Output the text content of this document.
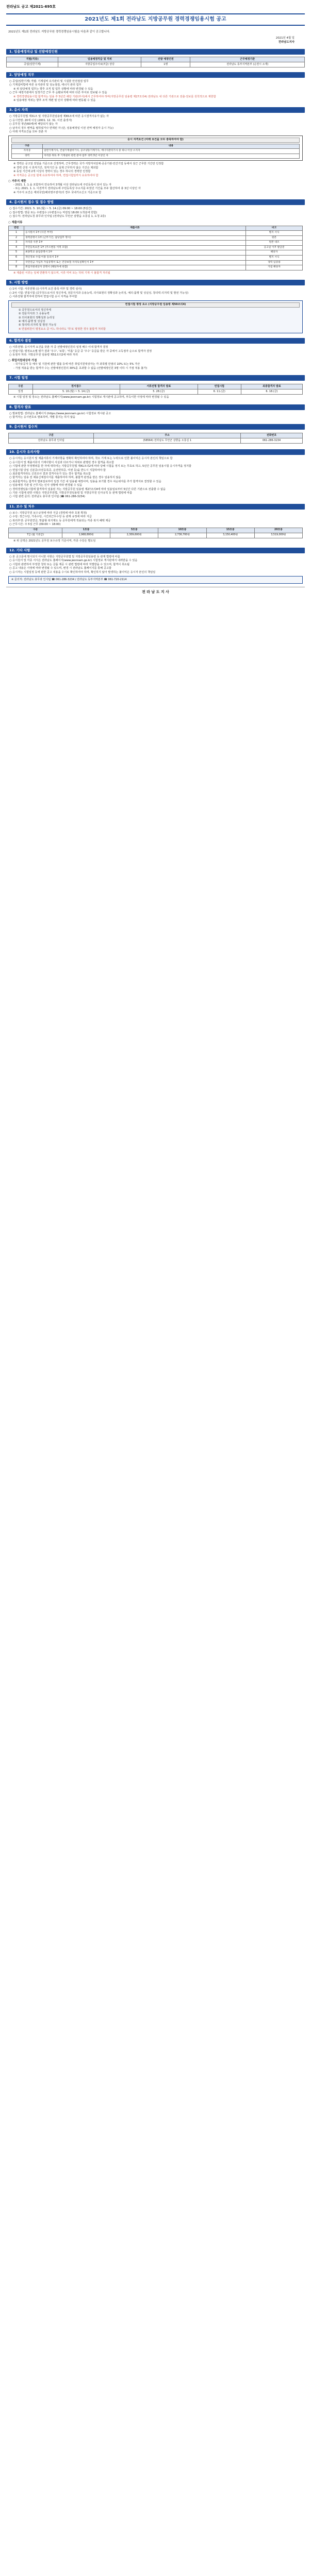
전라남도 공고 제2021-695호
2021년도 제1회 전라남도 지방공무원 경력경쟁임용시험 공고
2021년도 제1회 전라남도 지방공무원 경력경쟁임용시험을 다음과 같이 공고합니다.
2021년 4월 일
전라남도지사
1. 임용예정직급 및 선발예정인원
직렬(직류)	임용예정직급 및 직위	선발 예정인원	근무예정기관
공업(일반기계)	지방공업주사보(7급) 상당	1명	전라남도 동부지역본부 (순천시 소재)
2. 담당예정 직무
○ 공업(일반기계) 직렬: 기계설비 유지관리 및 시설물 안전점검 업무
○ 기계설비법에 따른 유지관리 및 성능점검, 에너지 관리 업무
※ 위 담당예정 업무는 향후 조직 및 업무 상황에 따라 변경될 수 있음
○ 근무 예정기관에서 일정기간 근무 후 순환보직에 따라 다른 부서로 전보될 수 있음
※ 경력경쟁임용시험 합격자는 임용 후 5년간 해당 기관(부서)에서 근무하여야 하며(지방공무원 임용령 제27조의4) 전라남도 내 다른 기관으로 전출·전보를 원칙적으로 제한함
※ 임용예정 직위는 향후 조직 개편 및 인사 상황에 따라 변동될 수 있음
3. 응시 자격
○ 지방공무원법 제31조 및 지방공무원임용령 제65조에 따른 응시결격사유가 없는 자
○ 응시연령: 20세 이상 (2001. 12. 31. 이전 출생자)
○ 공무원 정년(60세)에 해당되지 않는 자
○ 남자의 경우 병역을 필하였거나 면제된 자 (단, 임용예정일 이전 전역 예정자 응시 가능)
○ 아래 자격요건을 모두 갖춘 자
응시 자격요건 (아래 요건을 모두 충족하여야 함)
구분	내용
자격증	일반기계기사, 건설기계설비기사, 공조냉동기계기사, 에너지관리기사 중 하나 이상 소지자
경력	자격증 취득 후 기계설비 관련 분야 업무 경력 3년 이상인 자
※ 경력은 공고일 전일을 기준으로 산정하며, 근무경력은 국가·지방자치단체·공공기관·민간기업 등에서 상근 근무한 기간만 인정함
※ 경력 산정 시 휴직기간, 정직기간 등 실제 근무하지 않은 기간은 제외함
※ 동일 기간에 2개 이상의 경력이 있는 경우 하나의 경력만 인정함
※ 자격증은 공고일 현재 유효하여야 하며, 면접시험일까지 유효하여야 함
○ 거주지 제한
- 2021. 1. 1.을 포함하여 연속하여 3개월 이상 전라남도에 주민등록이 되어 있는 자
- 또는 2021. 1. 1. 이전까지 전라남도에 주민등록상 주소지를 두었던 기간을 모두 합산하여 총 3년 이상인 자
※ 거주지 요건은 재외국민(해외영주권자)의 경우 국내거소신고 기준으로 함
4. 응시원서 접수 및 접수 방법
○ 접수기간: 2021. 5. 10.(월) ~ 5. 14.(금) 09:00 ~ 18:00 (5일간)
○ 접수방법: 방문 또는 우편접수 (우편접수는 마감일 18:00 도착분에 한함)
○ 접수처: 전라남도청 총무과 인사팀 (전라남도 무안군 삼향읍 오룡길 1, 도청 2층)
○ 제출서류
연번	제출서류	비고
1	응시원서 1부 (사진 부착)	별지 서식
2	경력증명서 1부 (근무기간, 담당업무 명시)	원본
3	자격증 사본 1부	원본 대조
4	주민등록초본 1부 (주소변동 이력 포함)	공고일 이후 발급분
5	최종학교 졸업증명서 1부	해당자
6	개인정보 수집·이용 동의서 1부	별지 서식
7	국민연금 가입자 가입증명서 또는 건강보험 자격득실확인서 1부	경력 입증용
8	취업지원대상자 증명서 (해당자에 한함)	가점 해당자
※ 제출된 서류는 일체 반환하지 않으며, 서류 미비 또는 허위 기재 시 불합격 처리됨
5. 시험 방법
○ 1차 시험: 서류전형 (응시자격 요건 충족 여부 및 경력 심사)
○ 2차 시험: 면접시험 (공무원으로서의 정신자세, 전문지식과 응용능력, 의사표현의 정확성과 논리성, 예의·품행 및 성실성, 창의력·의지력 및 발전 가능성)
○ 서류전형 합격자에 한하여 면접시험 응시 자격을 부여함
면접시험 평정 요소 (지방공무원 임용령 제50조의4)
① 공무원으로서의 정신자세
② 전문지식과 그 응용능력
③ 의사표현의 정확성과 논리성
④ 예의·품행 및 성실성
⑤ 창의력·의지력 및 발전 가능성
※ 면접위원이 평정요소 중 어느 하나라도 '하'로 평정한 경우 불합격 처리함
6. 합격자 결정
○ 서류전형: 응시자격 요건을 갖춘 자 중 선발예정인원의 일정 배수 이내 합격자 결정
○ 면접시험: 평정요소별 평가 결과 '우수', '보통', '미흡' 등급 중 '우수' 등급을 받은 자 중에서 고득점자 순으로 합격자 결정
○ 동점자 처리: 지방공무원 임용령 제51조의2에 따라 처리
○ 취업지원대상자 가점
- 국가유공자 등 예우 및 지원에 관한 법률 등에 따른 취업지원대상자는 각 과목별 만점의 10% 또는 5% 가산
- 가점 적용을 받는 합격자 수는 선발예정인원의 30%를 초과할 수 없음 (선발예정인원 3명 이하 시 가점 적용 불가)
7. 시험 일정
구분	원서접수	서류전형 합격자 발표	면접시험	최종합격자 발표
일정	5. 10.(월) ~ 5. 14.(금)	5. 28.(금)	6. 11.(금)	6. 18.(금)
※ 시험 일정 및 장소는 전라남도 홈페이지(www.jeonnam.go.kr) 시험정보 게시판에 공고하며, 부득이한 사정에 따라 변경될 수 있음
8. 합격자 발표
○ 발표방법: 전라남도 홈페이지 (https://www.jeonnam.go.kr) 시험정보 게시판 공고
○ 합격자는 응시번호로 발표하며, 개별 통지는 하지 않음
9. 응시원서 접수처
구분	주소	전화번호
전라남도 총무과 인사팀	(58564) 전라남도 무안군 삼향읍 오룡길 1	061-286-3234
10. 응시자 유의사항
○ 응시자는 응시원서 및 제출서류의 기재사항을 정확히 확인하여야 하며, 착오 기재 또는 누락으로 인한 불이익은 응시자 본인의 책임으로 함
○ 응시원서 및 제출서류의 기재사항이 사실과 다르거나 허위로 판명된 경우 합격을 취소함
○ 시험에 관한 부정행위를 한 자에 대하여는 지방공무원법 제41조의2에 따라 당해 시험을 정지 또는 무효로 하고, 5년간 공무원 임용시험 응시자격을 정지함
○ 면접시험 당일 신분증(주민등록증, 운전면허증, 여권 등)을 반드시 지참하여야 함
○ 최종합격자라도 신원조사 결과 결격사유가 있는 경우 합격을 취소함
○ 합격자는 임용 전 채용신체검사서를 제출하여야 하며, 불합격 판정을 받은 경우 임용하지 않음
○ 최종합격자는 합격자 발표일로부터 일정 기간 내 임용될 예정이며, 임용을 포기할 경우 차순위자를 추가 합격자로 결정할 수 있음
○ 임용예정 기관 및 근무지는 인사 상황에 따라 변경될 수 있음
○ 경력경쟁임용시험에 합격하여 임용된 자는 지방공무원 임용령 제27조의4에 따라 임용일로부터 5년간 다른 기관으로 전출할 수 없음
○ 기타 시험에 관한 사항은 지방공무원법, 지방공무원임용령 및 지방공무원 인사규칙 등 관계 법령에 따름
○ 시험 관련 문의: 전라남도 총무과 인사팀 (☎ 061-286-3234)
11. 보수 및 처우
○ 보수: 지방공무원 보수규정에 따라 지급 (경력에 따라 호봉 획정)
○ 수당: 정근수당, 가족수당, 시간외근무수당 등 관계 규정에 따라 지급
○ 복리후생: 공무원연금, 맞춤형 복지제도 등 공무원에게 적용되는 각종 복지 혜택 제공
○ 근무시간: 주 5일 근무 (09:00 ~ 18:00)
구분	1호봉	5호봉	10호봉	15호봉	20호봉
7급 (월 기본급)	1,968,800원	2,309,600원	2,736,700원	3,150,400원	3,519,000원
※ 위 금액은 2021년도 공무원 보수규정 기준이며, 각종 수당은 별도임
12. 기타 사항
○ 본 공고문에 명시되지 아니한 사항은 지방공무원법 및 지방공무원임용령 등 관계 법령에 따름
○ 응시원서 및 각종 서식은 전라남도 홈페이지(www.jeonnam.go.kr) 시험정보 게시판에서 내려받을 수 있음
○ 시험과 관련하여 부정한 청탁 또는 금품 제공 시 관련 법령에 따라 처벌받을 수 있으며, 합격이 취소됨
○ 공고 내용은 사정에 따라 변경될 수 있으며, 변경 시 전라남도 홈페이지를 통해 공고함
○ 응시자는 시험일정 등에 관한 공고 내용을 수시로 확인하여야 하며, 확인하지 않아 발생하는 불이익은 응시자 본인의 책임임
※ 문의처: 전라남도 총무과 인사팀 ☎ 061-286-3234 / 전라남도 동부지역본부 ☎ 061-720-2114
전 라 남 도 지 사
